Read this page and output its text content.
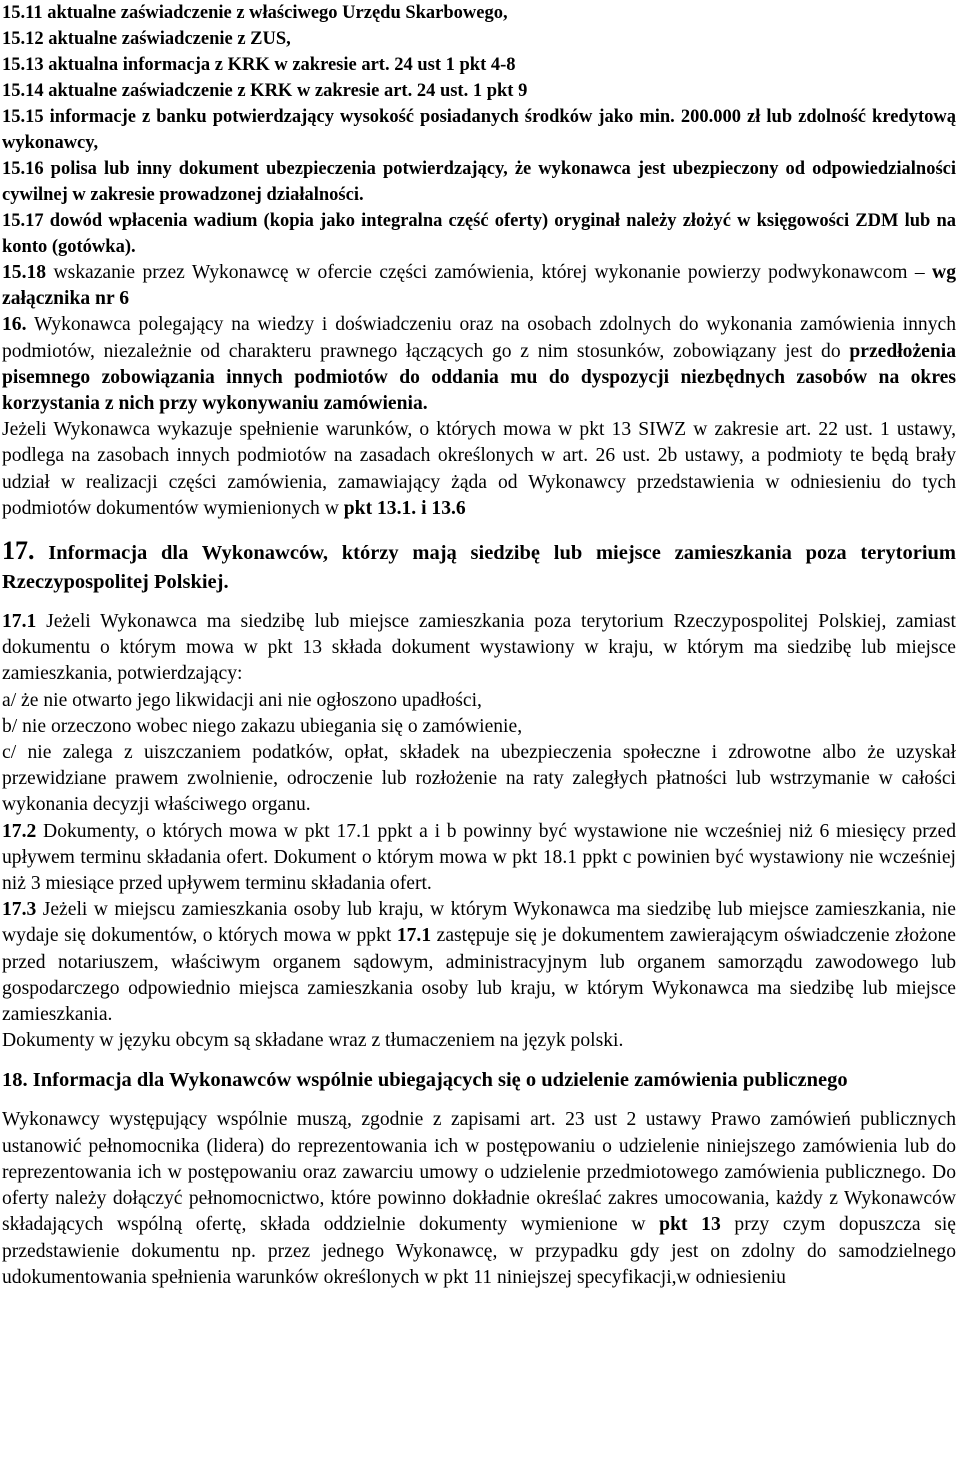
15.11 aktualne zaświadczenie z właściwego Urzędu Skarbowego,

15.12 aktualne zaświadczenie z ZUS,

15.13 aktualna informacja z KRK w zakresie art. 24 ust 1 pkt 4-8

15.14 aktualne zaświadczenie z KRK w zakresie art. 24 ust. 1 pkt 9

15.15 informacje z banku potwierdzający wysokość posiadanych środków jako min. 200.000 zł lub zdolność kredytową wykonawcy,

15.16 polisa lub inny dokument ubezpieczenia potwierdzający, że wykonawca jest ubezpieczony od odpowiedzialności cywilnej w zakresie prowadzonej działalności.

15.17 dowód wpłacenia wadium (kopia jako integralna część oferty) oryginał należy złożyć w księgowości ZDM lub na konto (gotówka).

15.18 wskazanie przez Wykonawcę w ofercie części zamówienia, której wykonanie powierzy podwykonawcom – wg załącznika nr 6

16. Wykonawca polegający na wiedzy i doświadczeniu oraz na osobach zdolnych do wykonania zamówienia innych podmiotów, niezależnie od charakteru prawnego łączących go z nim stosunków, zobowiązany jest do przedłożenia pisemnego zobowiązania innych podmiotów do oddania mu do dyspozycji niezbędnych zasobów na okres korzystania z nich przy wykonywaniu zamówienia.

Jeżeli Wykonawca wykazuje spełnienie warunków, o których mowa w pkt 13 SIWZ w zakresie art. 22 ust. 1 ustawy, podlega na zasobach innych podmiotów na zasadach określonych w art. 26 ust. 2b ustawy, a podmioty te będą brały udział w realizacji części zamówienia, zamawiający żąda od Wykonawcy przedstawienia w odniesieniu do tych podmiotów dokumentów wymienionych w pkt 13.1. i 13.6

17. Informacja dla Wykonawców, którzy mają siedzibę lub miejsce zamieszkania poza terytorium Rzeczypospolitej Polskiej.

17.1 Jeżeli Wykonawca ma siedzibę lub miejsce zamieszkania poza terytorium Rzeczypospolitej Polskiej, zamiast dokumentu o którym mowa w pkt 13 składa dokument wystawiony w kraju, w którym ma siedzibę lub miejsce zamieszkania, potwierdzający:

a/ że nie otwarto jego likwidacji ani nie ogłoszono upadłości,

b/ nie orzeczono wobec niego zakazu ubiegania się o zamówienie,

c/ nie zalega z uiszczaniem podatków, opłat, składek na ubezpieczenia społeczne i zdrowotne albo że uzyskał przewidziane prawem zwolnienie, odroczenie lub rozłożenie na raty zaległych płatności lub wstrzymanie w całości wykonania decyzji właściwego organu.

17.2 Dokumenty, o których mowa w pkt 17.1 ppkt a i b powinny być wystawione nie wcześniej niż 6 miesięcy przed upływem terminu składania ofert. Dokument o którym mowa w pkt 18.1 ppkt c powinien być wystawiony nie wcześniej niż 3 miesiące przed upływem terminu składania ofert.

17.3 Jeżeli w miejscu zamieszkania osoby lub kraju, w którym Wykonawca ma siedzibę lub miejsce zamieszkania, nie wydaje się dokumentów, o których mowa w ppkt 17.1 zastępuje się je dokumentem zawierającym oświadczenie złożone przed notariuszem, właściwym organem sądowym, administracyjnym lub organem samorządu zawodowego lub gospodarczego odpowiednio miejsca zamieszkania osoby lub kraju, w którym Wykonawca ma siedzibę lub miejsce zamieszkania.

Dokumenty w języku obcym są składane wraz z tłumaczeniem na język polski.

18. Informacja dla Wykonawców wspólnie ubiegających się o udzielenie zamówienia publicznego

Wykonawcy występujący wspólnie muszą, zgodnie z zapisami art. 23 ust 2 ustawy Prawo zamówień publicznych ustanowić pełnomocnika (lidera) do reprezentowania ich w postępowaniu o udzielenie niniejszego zamówienia lub do reprezentowania ich w postępowaniu oraz zawarciu umowy o udzielenie przedmiotowego zamówienia publicznego. Do oferty należy dołączyć pełnomocnictwo, które powinno dokładnie określać zakres umocowania, każdy z Wykonawców składających wspólną ofertę, składa oddzielnie dokumenty wymienione w pkt 13 przy czym dopuszcza się przedstawienie dokumentu np. przez jednego Wykonawcę, w przypadku gdy jest on zdolny do samodzielnego udokumentowania spełnienia warunków określonych w pkt 11 niniejszej specyfikacji,w odniesieniu
